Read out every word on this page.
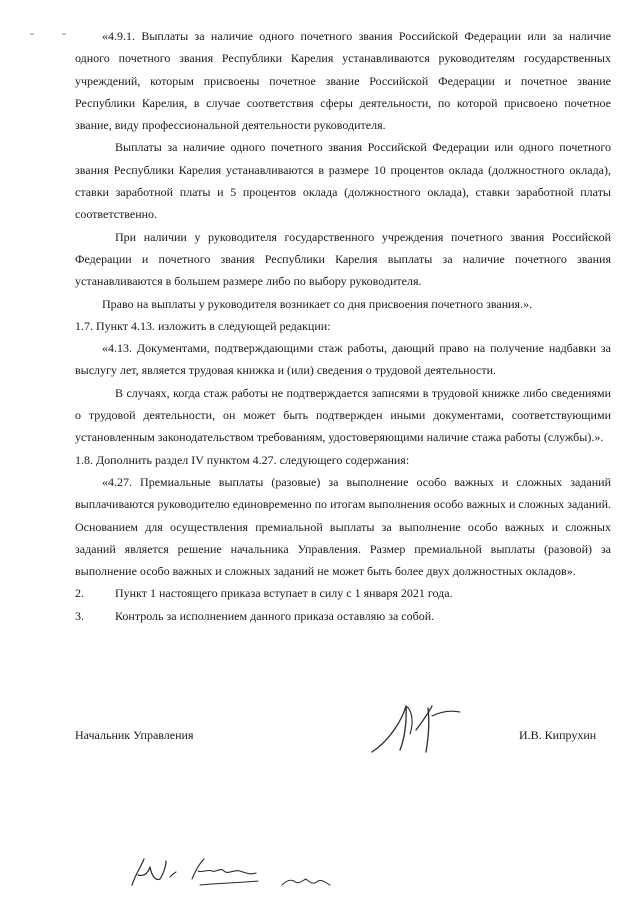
- -	«4.9.1. Выплаты за наличие одного почетного звания Российской Федерации или за наличие одного почетного звания Республики Карелия устанавливаются руководителям государственных учреждений, которым присвоены почетное звание Российской Федерации и почетное звание Республики Карелия, в случае соответствия сферы деятельности, по которой присвоено почетное звание, виду профессиональной деятельности руководителя.

Выплаты за наличие одного почетного звания Российской Федерации или одного почетного звания Республики Карелия устанавливаются в размере 10 процентов оклада (должностного оклада), ставки заработной платы и 5 процентов оклада (должностного оклада), ставки заработной платы соответственно.

При наличии у руководителя государственного учреждения почетного звания Российской Федерации и почетного звания Республики Карелия выплаты за наличие почетного звания устанавливаются в большем размере либо по выбору руководителя.

Право на выплаты у руководителя возникает со дня присвоения почетного звания.».

1.7. Пункт 4.13. изложить в следующей редакции:

«4.13. Документами, подтверждающими стаж работы, дающий право на получение надбавки за выслугу лет, является трудовая книжка и (или) сведения о трудовой деятельности.

В случаях, когда стаж работы не подтверждается записями в трудовой книжке либо сведениями о трудовой деятельности, он может быть подтвержден иными документами, соответствующими установленным законодательством требованиям, удостоверяющими наличие стажа работы (службы).».

1.8. Дополнить раздел IV пунктом 4.27. следующего содержания:

«4.27. Премиальные выплаты (разовые) за выполнение особо важных и сложных заданий выплачиваются руководителю единовременно по итогам выполнения особо важных и сложных заданий. Основанием для осуществления премиальной выплаты за выполнение особо важных и сложных заданий является решение начальника Управления. Размер премиальной выплаты (разовой) за выполнение особо важных и сложных заданий не может быть более двух должностных окладов».

2.	Пункт 1 настоящего приказа вступает в силу с 1 января 2021 года.
3.	Контроль за исполнением данного приказа оставляю за собой.
Начальник Управления	И.В. Кипрухин
